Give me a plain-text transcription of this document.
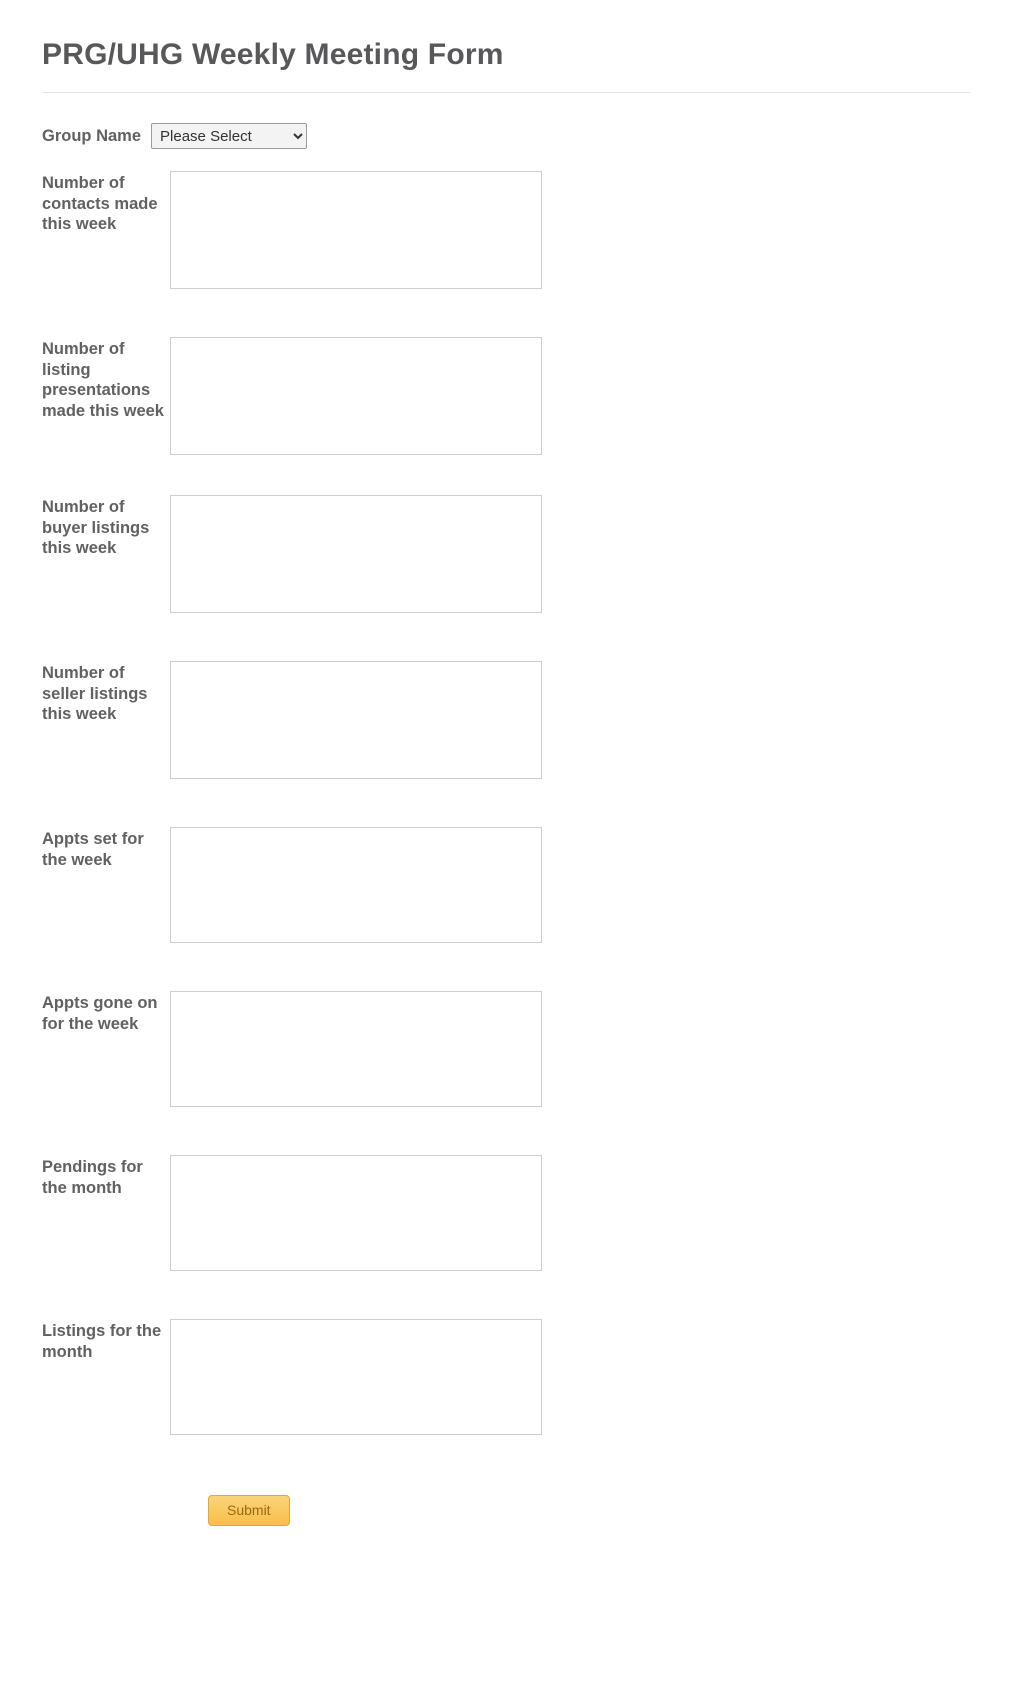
PRG/UHG Weekly Meeting Form
Group Name
Please Select
Number of contacts made this week
Number of listing presentations made this week
Number of buyer listings this week
Number of seller listings this week
Appts set for the week
Appts gone on for the week
Pendings for the month
Listings for the month
Submit
